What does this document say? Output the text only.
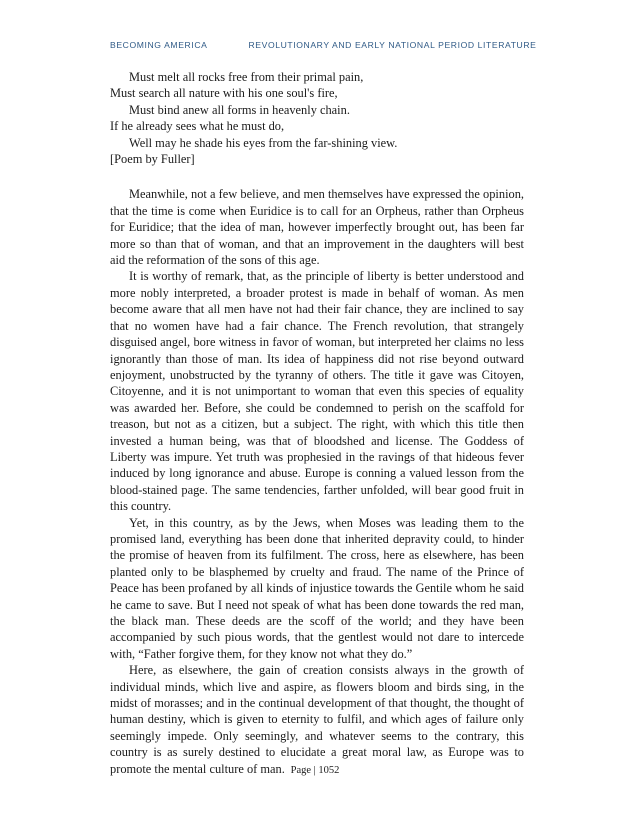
BECOMING AMERICA	REVOLUTIONARY AND EARLY NATIONAL PERIOD LITERATURE
Must melt all rocks free from their primal pain,
Must search all nature with his one soul's fire,
Must bind anew all forms in heavenly chain.
If he already sees what he must do,
Well may he shade his eyes from the far-shining view.
[Poem by Fuller]

Meanwhile, not a few believe, and men themselves have expressed the opinion, that the time is come when Euridice is to call for an Orpheus, rather than Orpheus for Euridice; that the idea of man, however imperfectly brought out, has been far more so than that of woman, and that an improvement in the daughters will best aid the reformation of the sons of this age.

It is worthy of remark, that, as the principle of liberty is better understood and more nobly interpreted, a broader protest is made in behalf of woman. As men become aware that all men have not had their fair chance, they are inclined to say that no women have had a fair chance. The French revolution, that strangely disguised angel, bore witness in favor of woman, but interpreted her claims no less ignorantly than those of man. Its idea of happiness did not rise beyond outward enjoyment, unobstructed by the tyranny of others. The title it gave was Citoyen, Citoyenne, and it is not unimportant to woman that even this species of equality was awarded her. Before, she could be condemned to perish on the scaffold for treason, but not as a citizen, but a subject. The right, with which this title then invested a human being, was that of bloodshed and license. The Goddess of Liberty was impure. Yet truth was prophesied in the ravings of that hideous fever induced by long ignorance and abuse. Europe is conning a valued lesson from the blood-stained page. The same tendencies, farther unfolded, will bear good fruit in this country.

Yet, in this country, as by the Jews, when Moses was leading them to the promised land, everything has been done that inherited depravity could, to hinder the promise of heaven from its fulfilment. The cross, here as elsewhere, has been planted only to be blasphemed by cruelty and fraud. The name of the Prince of Peace has been profaned by all kinds of injustice towards the Gentile whom he said he came to save. But I need not speak of what has been done towards the red man, the black man. These deeds are the scoff of the world; and they have been accompanied by such pious words, that the gentlest would not dare to intercede with, “Father forgive them, for they know not what they do.”

Here, as elsewhere, the gain of creation consists always in the growth of individual minds, which live and aspire, as flowers bloom and birds sing, in the midst of morasses; and in the continual development of that thought, the thought of human destiny, which is given to eternity to fulfil, and which ages of failure only seemingly impede. Only seemingly, and whatever seems to the contrary, this country is as surely destined to elucidate a great moral law, as Europe was to promote the mental culture of man. Page | 1052
